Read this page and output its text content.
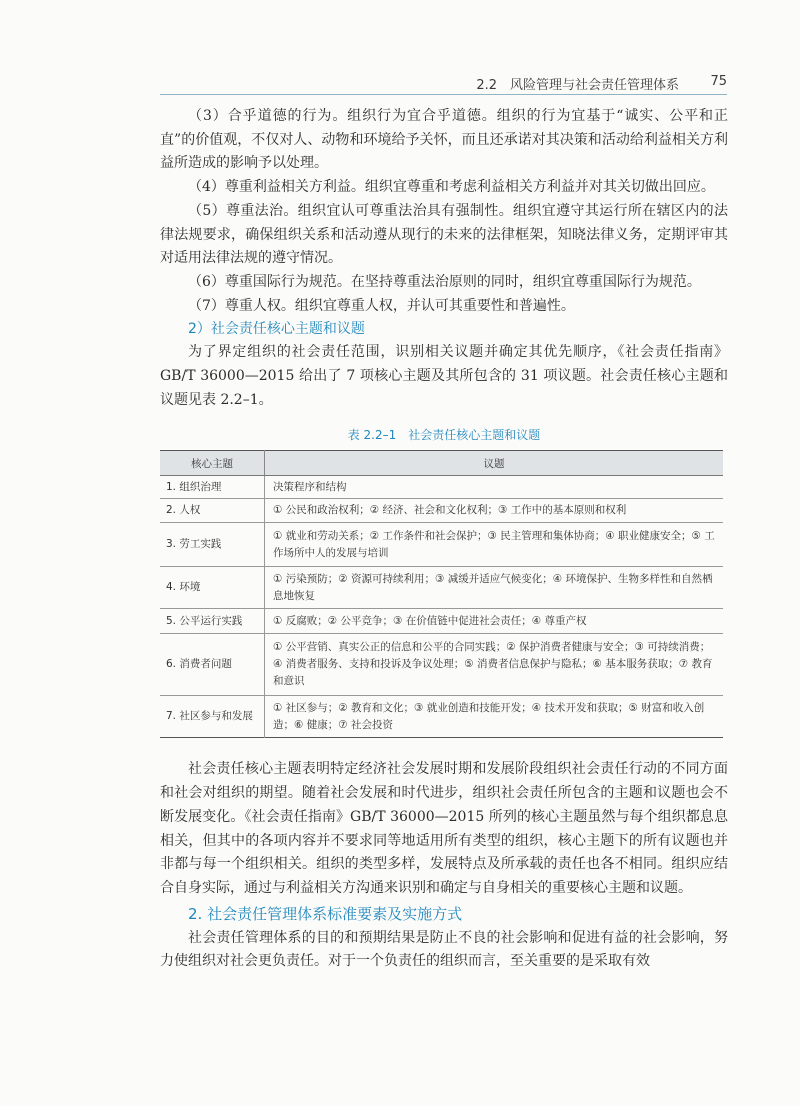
2.2　风险管理与社会责任管理体系 75

（3）合乎道德的行为。组织行为宜合乎道德。组织的行为宜基于“诚实、公平和正直”的价值观，不仅对人、动物和环境给予关怀，而且还承诺对其决策和活动给利益相关方利益所造成的影响予以处理。

（4）尊重利益相关方利益。组织宜尊重和考虑利益相关方利益并对其关切做出回应。

（5）尊重法治。组织宜认可尊重法治具有强制性。组织宜遵守其运行所在辖区内的法律法规要求，确保组织关系和活动遵从现行的未来的法律框架，知晓法律义务，定期评审其对适用法律法规的遵守情况。

（6）尊重国际行为规范。在坚持尊重法治原则的同时，组织宜尊重国际行为规范。

（7）尊重人权。组织宜尊重人权，并认可其重要性和普遍性。

2）社会责任核心主题和议题

为了界定组织的社会责任范围，识别相关议题并确定其优先顺序，《社会责任指南》GB/T 36000—2015 给出了 7 项核心主题及其所包含的 31 项议题。社会责任核心主题和议题见表 2.2–1。

表 2.2–1　社会责任核心主题和议题
核心主题	议题
1. 组织治理	决策程序和结构
2. 人权	① 公民和政治权利；② 经济、社会和文化权利；③ 工作中的基本原则和权利
3. 劳工实践	① 就业和劳动关系；② 工作条件和社会保护；③ 民主管理和集体协商；④ 职业健康安全；⑤ 工作场所中人的发展与培训
4. 环境	① 污染预防；② 资源可持续利用；③ 减缓并适应气候变化；④ 环境保护、生物多样性和自然栖息地恢复
5. 公平运行实践	① 反腐败；② 公平竞争；③ 在价值链中促进社会责任；④ 尊重产权
6. 消费者问题	① 公平营销、真实公正的信息和公平的合同实践；② 保护消费者健康与安全；③ 可持续消费；④ 消费者服务、支持和投诉及争议处理；⑤ 消费者信息保护与隐私；⑥ 基本服务获取；⑦ 教育和意识
7. 社区参与和发展	① 社区参与；② 教育和文化；③ 就业创造和技能开发；④ 技术开发和获取；⑤ 财富和收入创造；⑥ 健康；⑦ 社会投资

社会责任核心主题表明特定经济社会发展时期和发展阶段组织社会责任行动的不同方面和社会对组织的期望。随着社会发展和时代进步，组织社会责任所包含的主题和议题也会不断发展变化。《社会责任指南》GB/T 36000—2015 所列的核心主题虽然与每个组织都息息相关，但其中的各项内容并不要求同等地适用所有类型的组织，核心主题下的所有议题也并非都与每一个组织相关。组织的类型多样，发展特点及所承载的责任也各不相同。组织应结合自身实际，通过与利益相关方沟通来识别和确定与自身相关的重要核心主题和议题。

2. 社会责任管理体系标准要素及实施方式

社会责任管理体系的目的和预期结果是防止不良的社会影响和促进有益的社会影响，努力使组织对社会更负责任。对于一个负责任的组织而言，至关重要的是采取有效
